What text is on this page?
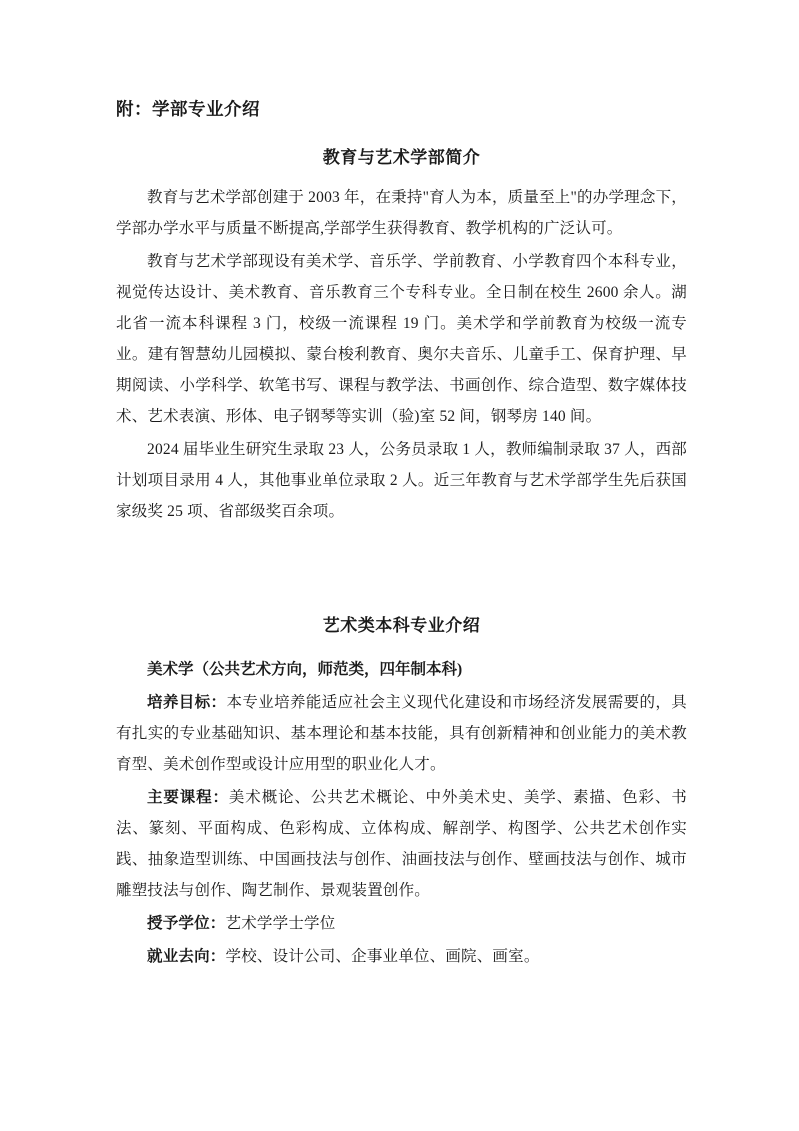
附：学部专业介绍
教育与艺术学部简介

教育与艺术学部创建于 2003 年，在秉持"育人为本，质量至上"的办学理念下，学部办学水平与质量不断提高,学部学生获得教育、教学机构的广泛认可。

教育与艺术学部现设有美术学、音乐学、学前教育、小学教育四个本科专业，视觉传达设计、美术教育、音乐教育三个专科专业。全日制在校生 2600 余人。湖北省一流本科课程 3 门，校级一流课程 19 门。美术学和学前教育为校级一流专业。建有智慧幼儿园模拟、蒙台梭利教育、奥尔夫音乐、儿童手工、保育护理、早期阅读、小学科学、软笔书写、课程与教学法、书画创作、综合造型、数字媒体技术、艺术表演、形体、电子钢琴等实训（验)室 52 间，钢琴房 140 间。

2024 届毕业生研究生录取 23 人，公务员录取 1 人，教师编制录取 37 人，西部计划项目录用 4 人，其他事业单位录取 2 人。近三年教育与艺术学部学生先后获国家级奖 25 项、省部级奖百余项。

艺术类本科专业介绍
美术学（公共艺术方向，师范类，四年制本科)

培养目标：本专业培养能适应社会主义现代化建设和市场经济发展需要的，具有扎实的专业基础知识、基本理论和基本技能，具有创新精神和创业能力的美术教育型、美术创作型或设计应用型的职业化人才。

主要课程：美术概论、公共艺术概论、中外美术史、美学、素描、色彩、书法、篆刻、平面构成、色彩构成、立体构成、解剖学、构图学、公共艺术创作实践、抽象造型训练、中国画技法与创作、油画技法与创作、壁画技法与创作、城市雕塑技法与创作、陶艺制作、景观装置创作。

授予学位：艺术学学士学位

就业去向：学校、设计公司、企事业单位、画院、画室。
